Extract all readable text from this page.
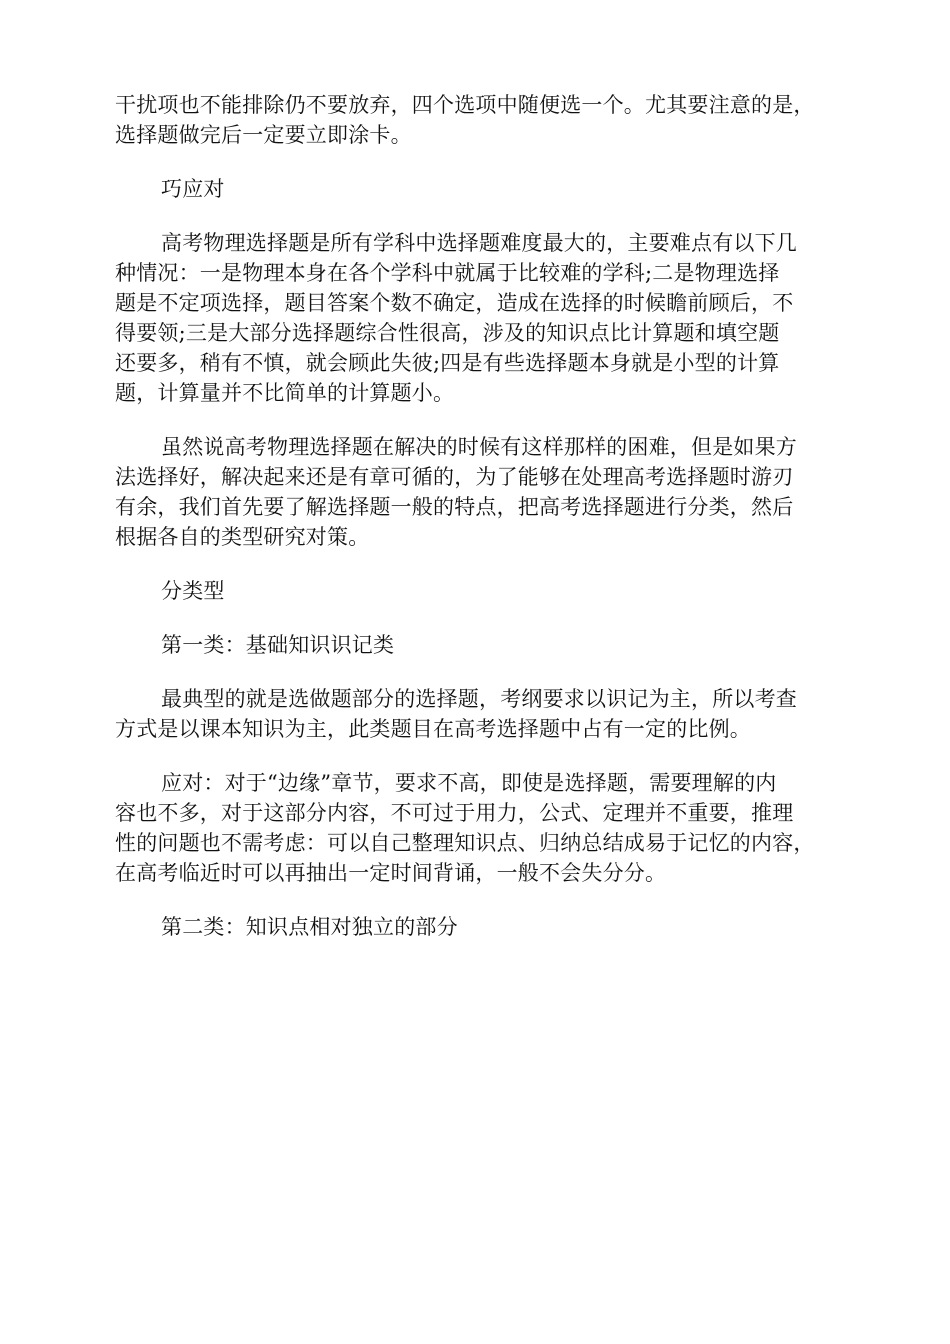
干扰项也不能排除仍不要放弃，四个选项中随便选一个。尤其要注意的是，
选择题做完后一定要立即涂卡。
巧应对
高考物理选择题是所有学科中选择题难度最大的，主要难点有以下几
种情况：一是物理本身在各个学科中就属于比较难的学科;二是物理选择
题是不定项选择，题目答案个数不确定，造成在选择的时候瞻前顾后，不
得要领;三是大部分选择题综合性很高，涉及的知识点比计算题和填空题
还要多，稍有不慎，就会顾此失彼;四是有些选择题本身就是小型的计算
题，计算量并不比简单的计算题小。
虽然说高考物理选择题在解决的时候有这样那样的困难，但是如果方
法选择好，解决起来还是有章可循的，为了能够在处理高考选择题时游刃
有余，我们首先要了解选择题一般的特点，把高考选择题进行分类，然后
根据各自的类型研究对策。
分类型
第一类：基础知识识记类
最典型的就是选做题部分的选择题，考纲要求以识记为主，所以考查
方式是以课本知识为主，此类题目在高考选择题中占有一定的比例。
应对：对于“边缘”章节，要求不高，即使是选择题，需要理解的内
容也不多，对于这部分内容，不可过于用力，公式、定理并不重要，推理
性的问题也不需考虑：可以自己整理知识点、归纳总结成易于记忆的内容，
在高考临近时可以再抽出一定时间背诵，一般不会失分分。
第二类：知识点相对独立的部分
